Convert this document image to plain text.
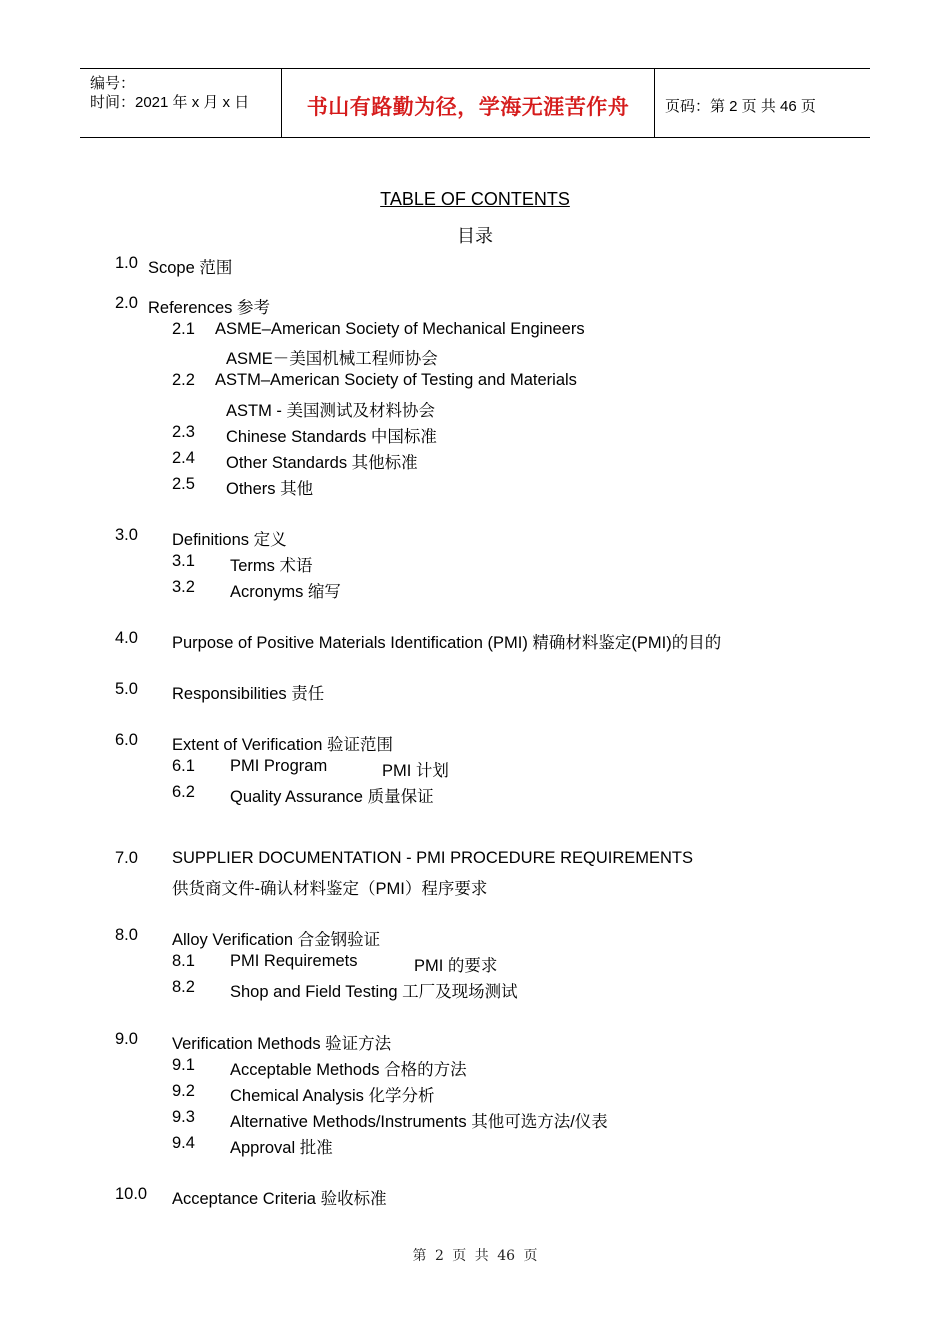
编号：
时间：2021 年 x 月 x 日	书山有路勤为径，学海无涯苦作舟	页码：第 2 页 共 46 页
TABLE OF CONTENTS
目录
1.0 Scope 范围
2.0 References 参考
2.1 ASME–American Society of Mechanical Engineers
ASME－美国机械工程师协会
2.2 ASTM–American Society of Testing and Materials
ASTM - 美国测试及材料协会
2.3 Chinese Standards 中国标准
2.4 Other Standards 其他标准
2.5 Others 其他
3.0 Definitions 定义
3.1 Terms 术语
3.2 Acronyms 缩写
4.0 Purpose of Positive Materials Identification (PMI) 精确材料鉴定(PMI)的目的
5.0 Responsibilities 责任
6.0 Extent of Verification 验证范围
6.1 PMI Program	PMI 计划
6.2 Quality Assurance 质量保证
7.0 SUPPLIER DOCUMENTATION - PMI PROCEDURE REQUIREMENTS
供货商文件-确认材料鉴定（PMI）程序要求
8.0 Alloy Verification 合金钢验证
8.1 PMI Requiremets	PMI 的要求
8.2 Shop and Field Testing 工厂及现场测试
9.0 Verification Methods 验证方法
9.1 Acceptable Methods 合格的方法
9.2 Chemical Analysis 化学分析
9.3 Alternative Methods/Instruments 其他可选方法/仪表
9.4 Approval 批准
10.0 Acceptance Criteria 验收标准
第 2 页 共 46 页
